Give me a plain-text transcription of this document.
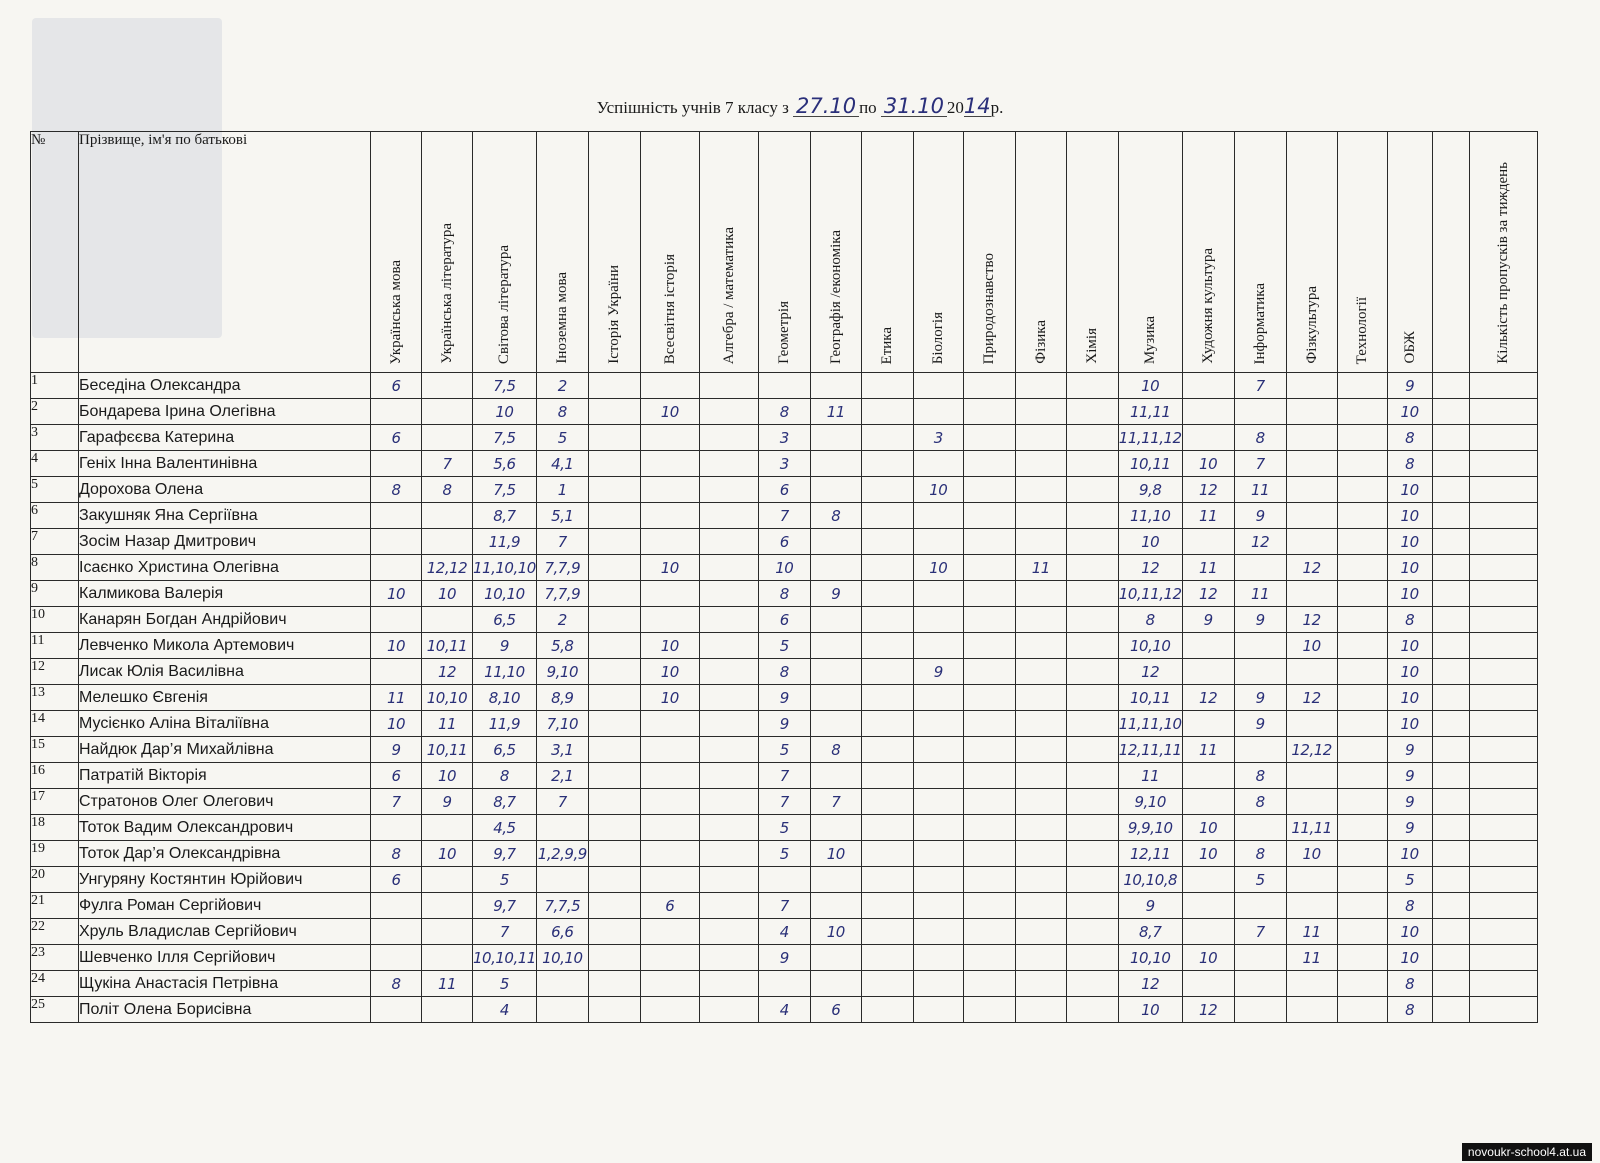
Успішність учнів 7 класу з 27.10 по 31.10 2014р.
№	Прізвище, ім'я по батькові	Українська мова	Українська література	Світова література	Іноземна мова	Історія України	Всесвітня історія	Алгебра / математика	Геометрія	Географія /економіка	Етика	Біологія	Природознавство	Фізика	Хімія	Музика	Художня культура	Інформатика	Фізкультура	Технології	ОБЖ		Кількість пропусків за тиждень

1	Беседіна Олександра	6		7,5	2											10		7			9		
2	Бондарева Ірина Олегівна			10	8		10		8	11						11,11					10		
3	Гарафєєва Катерина	6		7,5	5				3			3				11,11,12		8			8		
4	Геніх Інна Валентинівна		7	5,6	4,1				3							10,11	10	7			8		
5	Дорохова Олена	8	8	7,5	1				6			10				9,8	12	11			10		
6	Закушняк Яна Сергіївна			8,7	5,1				7	8						11,10	11	9			10		
7	Зосім Назар Дмитрович			11,9	7				6							10		12			10		
8	Ісаєнко Христина Олегівна		12,12	11,10,10	7,7,9		10		10			10		11		12	11		12		10		
9	Калмикова Валерія	10	10	10,10	7,7,9				8	9						10,11,12	12	11			10		
10	Канарян Богдан Андрійович			6,5	2				6							8	9	9	12		8		
11	Левченко Микола Артемович	10	10,11	9	5,8		10		5							10,10			10		10		
12	Лисак Юлія Василівна		12	11,10	9,10		10		8			9				12					10		
13	Мелешко Євгенія	11	10,10	8,10	8,9		10		9							10,11	12	9	12		10		
14	Мусієнко Аліна Віталіївна	10	11	11,9	7,10				9							11,11,10		9			10		
15	Найдюк Дар’я Михайлівна	9	10,11	6,5	3,1				5	8						12,11,11	11		12,12		9		
16	Патратій Вікторія	6	10	8	2,1				7							11		8			9		
17	Стратонов Олег Олегович	7	9	8,7	7				7	7						9,10		8			9		
18	Тоток Вадим Олександрович			4,5					5							9,9,10	10		11,11		9		
19	Тоток Дар’я Олександрівна	8	10	9,7	1,2,9,9				5	10						12,11	10	8	10		10		
20	Унгуряну Костянтин Юрійович	6		5												10,10,8		5			5		
21	Фулга Роман Сергійович			9,7	7,7,5		6		7							9					8		
22	Хруль Владислав Сергійович			7	6,6				4	10						8,7		7	11		10		
23	Шевченко Ілля Сергійович			10,10,11	10,10				9							10,10	10		11		10		
24	Щукіна Анастасія Петрівна	8	11	5												12					8		
25	Політ Олена Борисівна			4					4	6						10	12				8		
novoukr-school4.at.ua
